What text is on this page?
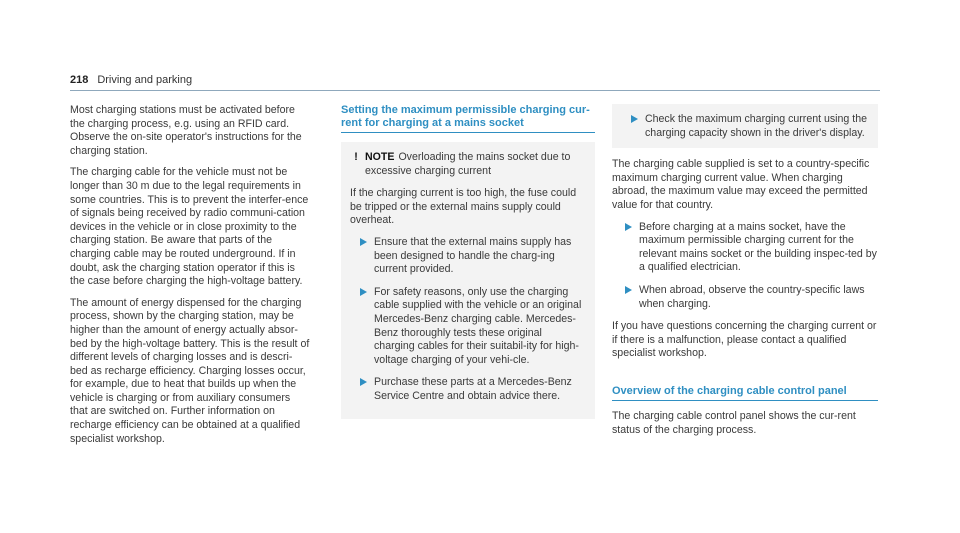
218 Driving and parking

Most charging stations must be activated before the charging process, e.g. using an RFID card. Observe the on-site operator's instructions for the charging station.

The charging cable for the vehicle must not be longer than 30 m due to the legal requirements in some countries. This is to prevent the interfer-ence of signals being received by radio communi-cation devices in the vehicle or in close proximity to the charging station. Be aware that parts of the charging cable may be routed underground. If in doubt, ask the charging station operator if this is the case before charging the high-voltage battery.

The amount of energy dispensed for the charging process, shown by the charging station, may be higher than the amount of energy actually absor-bed by the high-voltage battery. This is the result of different levels of charging losses and is descri-bed as recharge efficiency. Charging losses occur, for example, due to heat that builds up when the vehicle is charging or from auxiliary consumers that are switched on. Further information on recharge efficiency can be obtained at a qualified specialist workshop.

Setting the maximum permissible charging cur-rent for charging at a mains socket
! NOTE Overloading the mains socket due to excessive charging current

If the charging current is too high, the fuse could be tripped or the external mains supply could overheat.

Ensure that the external mains supply has been designed to handle the charg-ing current provided.
For safety reasons, only use the charging cable supplied with the vehicle or an original Mercedes-Benz charging cable. Mercedes-Benz thoroughly tests these original charging cables for their suitabil-ity for high-voltage charging of your vehi-cle.
Purchase these parts at a Mercedes-Benz Service Centre and obtain advice there.
Check the maximum charging current using the charging capacity shown in the driver's display.

The charging cable supplied is set to a country-specific maximum charging current value. When charging abroad, the maximum value may exceed the permitted value for that country.

Before charging at a mains socket, have the maximum permissible charging current for the relevant mains socket or the building inspec-ted by a qualified electrician.
When abroad, observe the country-specific laws when charging.

If you have questions concerning the charging current or if there is a malfunction, please contact a qualified specialist workshop.

Overview of the charging cable control panel

The charging cable control panel shows the cur-rent status of the charging process.
